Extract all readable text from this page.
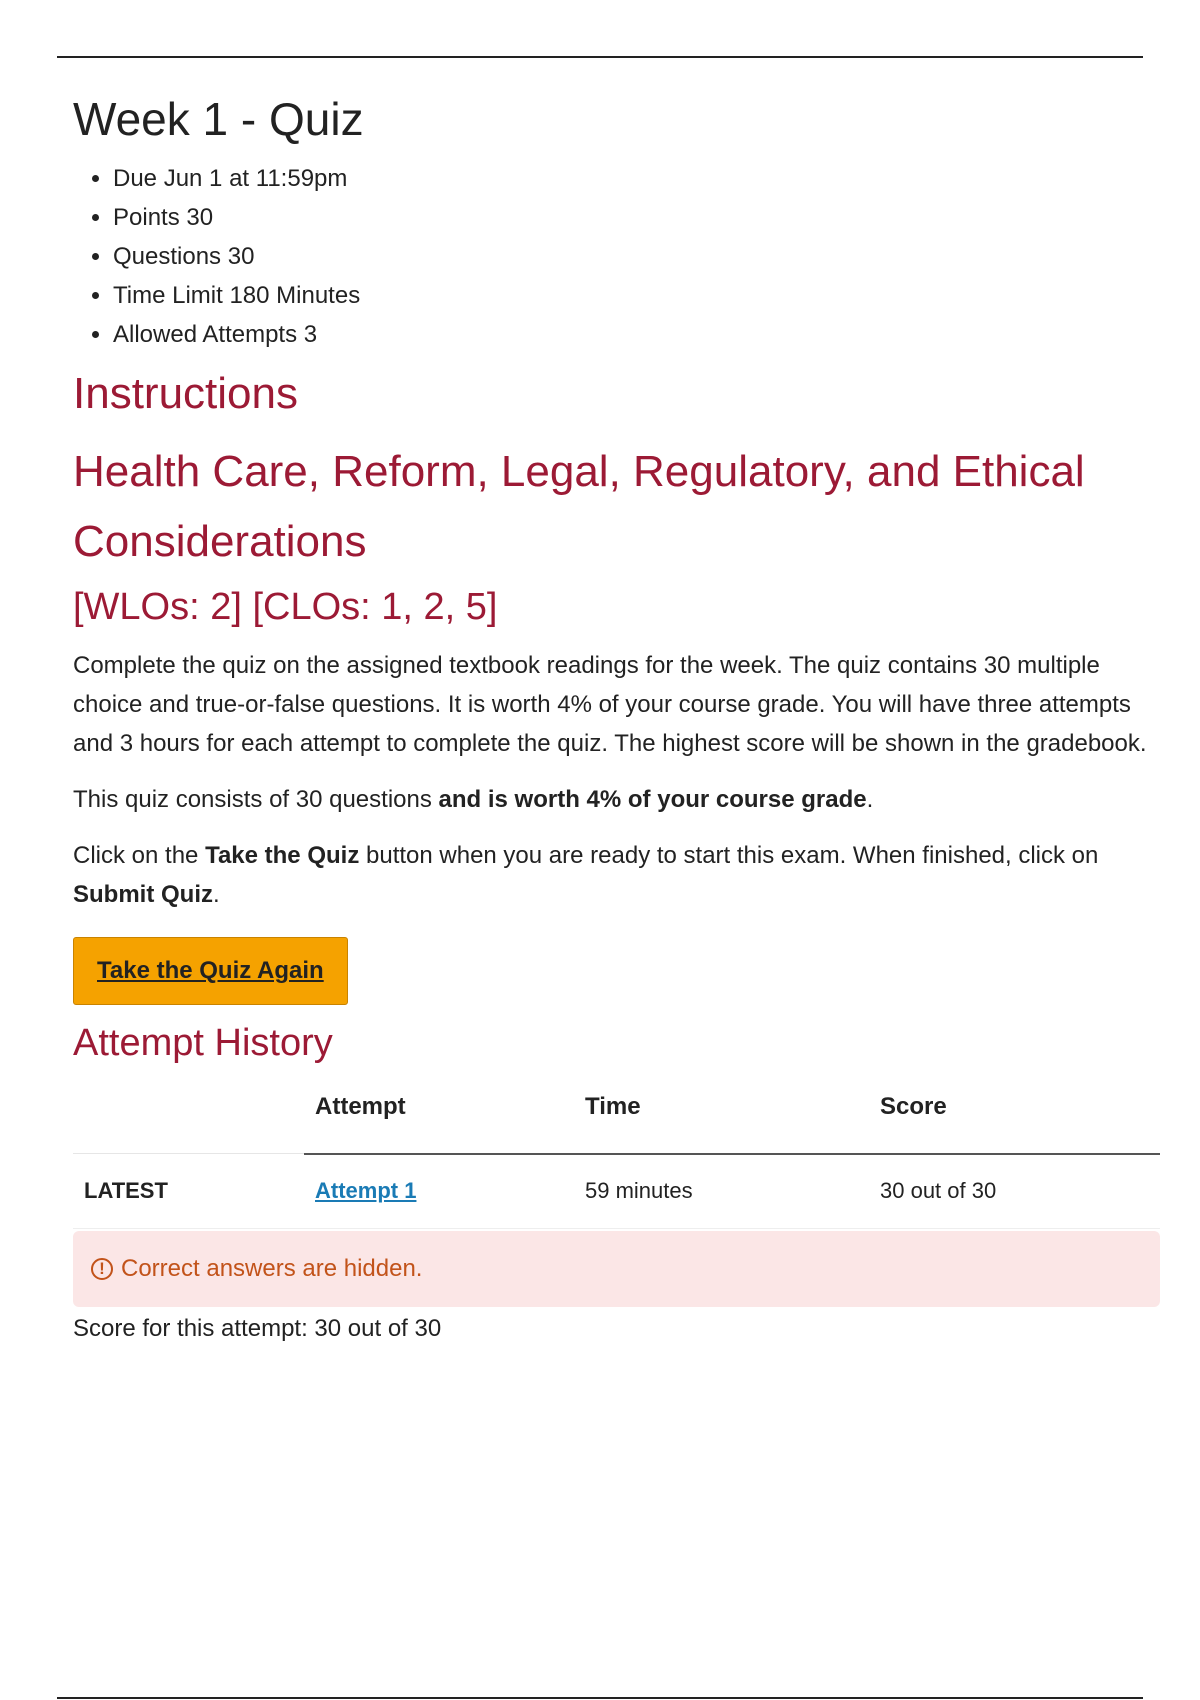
Week 1 - Quiz
• Due Jun 1 at 11:59pm
• Points 30
• Questions 30
• Time Limit 180 Minutes
• Allowed Attempts 3
Instructions
Health Care, Reform, Legal, Regulatory, and Ethical Considerations
[WLOs: 2] [CLOs: 1, 2, 5]

Complete the quiz on the assigned textbook readings for the week. The quiz contains 30 multiple choice and true-or-false questions. It is worth 4% of your course grade. You will have three attempts and 3 hours for each attempt to complete the quiz. The highest score will be shown in the gradebook.

This quiz consists of 30 questions and is worth 4% of your course grade.

Click on the Take the Quiz button when you are ready to start this exam. When finished, click on Submit Quiz.

Take the Quiz Again
Attempt History
	Attempt	Time	Score
LATEST	Attempt 1	59 minutes	30 out of 30
! Correct answers are hidden.

Score for this attempt: 30 out of 30
